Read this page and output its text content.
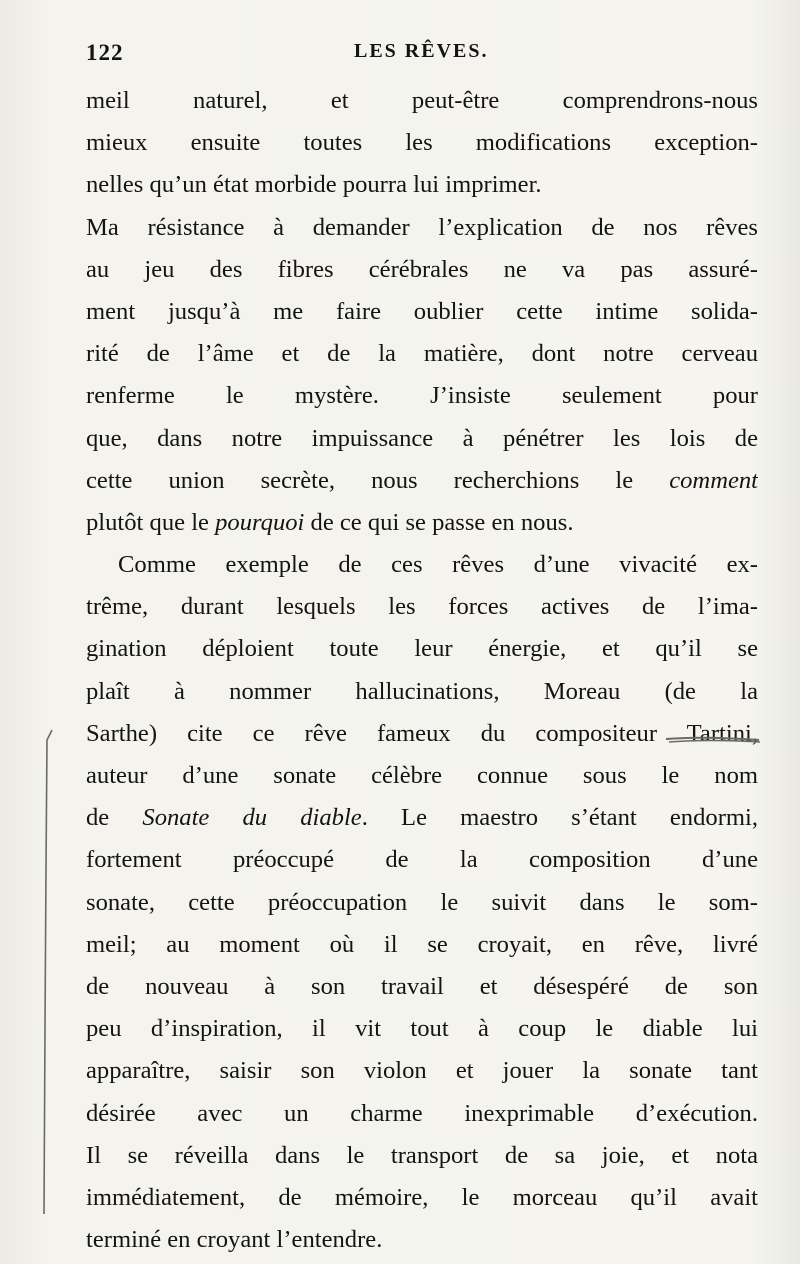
122	LES RÊVES.
meil naturel, et peut-être comprendrons-nous
mieux ensuite toutes les modifications exception-
nelles qu’un état morbide pourra lui imprimer.
Ma résistance à demander l’explication de nos rêves
au jeu des fibres cérébrales ne va pas assuré-
ment jusqu’à me faire oublier cette intime solida-
rité de l’âme et de la matière, dont notre cerveau
renferme le mystère. J’insiste seulement pour
que, dans notre impuissance à pénétrer les lois de
cette union secrète, nous recherchions le comment
plutôt que le pourquoi de ce qui se passe en nous.
Comme exemple de ces rêves d’une vivacité ex-
trême, durant lesquels les forces actives de l’ima-
gination déploient toute leur énergie, et qu’il se
plaît à nommer hallucinations, Moreau (de la
Sarthe) cite ce rêve fameux du compositeur Tartini,
auteur d’une sonate célèbre connue sous le nom
de Sonate du diable. Le maestro s’étant endormi,
fortement préoccupé de la composition d’une
sonate, cette préoccupation le suivit dans le som-
meil; au moment où il se croyait, en rêve, livré
de nouveau à son travail et désespéré de son
peu d’inspiration, il vit tout à coup le diable lui
apparaître, saisir son violon et jouer la sonate tant
désirée avec un charme inexprimable d’exécution.
Il se réveilla dans le transport de sa joie, et nota
immédiatement, de mémoire, le morceau qu’il avait
terminé en croyant l’entendre.
